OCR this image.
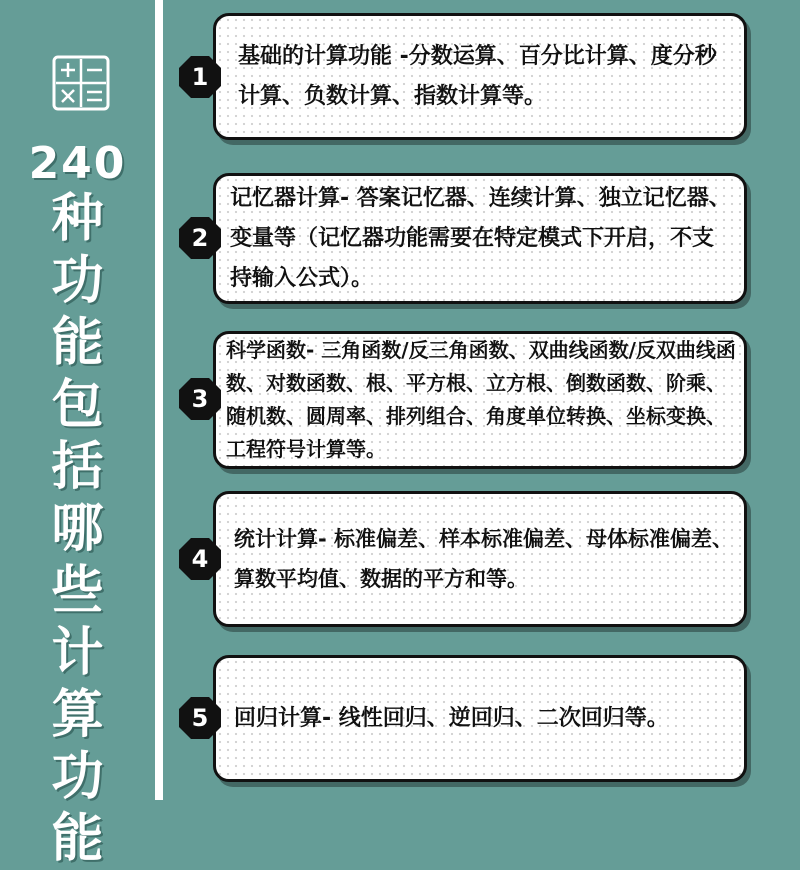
240
种
功
能
包
括
哪
些
计
算
功
能
基础的计算功能 -分数运算、百分比计算、度分秒计算、负数计算、指数计算等。
记忆器计算- 答案记忆器、连续计算、独立记忆器、变量等（记忆器功能需要在特定模式下开启，不支持输入公式）。
科学函数- 三角函数/反三角函数、双曲线函数/反双曲线函数、对数函数、根、平方根、立方根、倒数函数、阶乘、随机数、圆周率、排列组合、角度单位转换、坐标变换、工程符号计算等。
统计计算- 标准偏差、样本标准偏差、母体标准偏差、算数平均值、数据的平方和等。
回归计算- 线性回归、逆回归、二次回归等。
1
2
3
4
5
